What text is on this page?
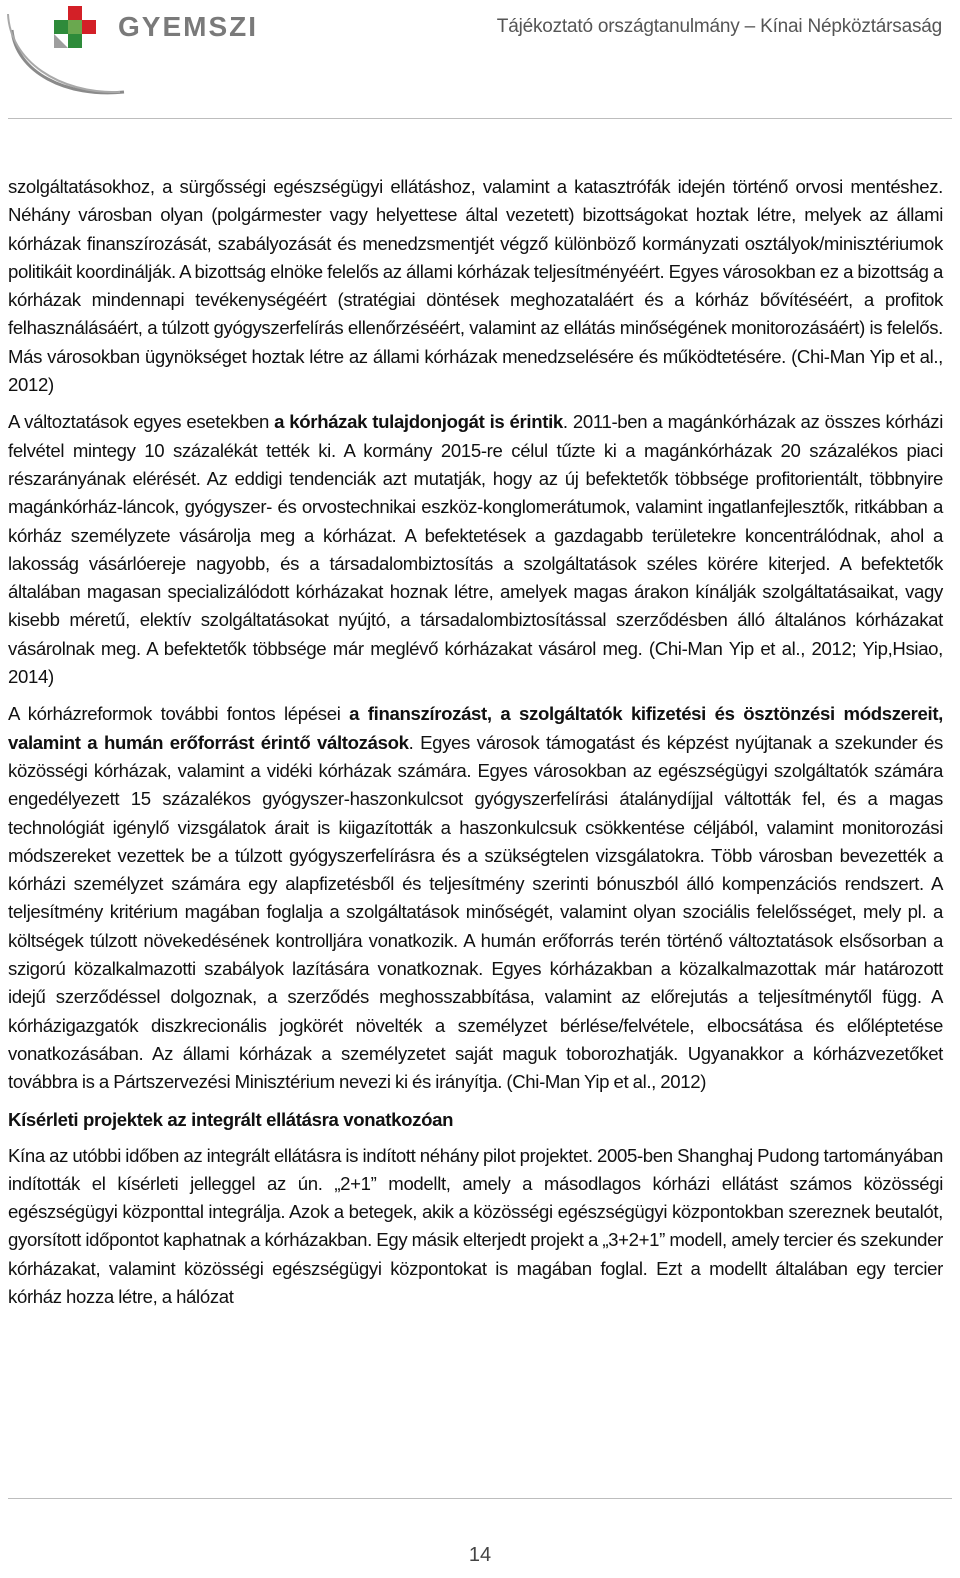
GYEMSZI	Tájékoztató országtanulmány – Kínai Népköztársaság

szolgáltatásokhoz, a sürgősségi egészségügyi ellátáshoz, valamint a katasztrófák idején történő orvosi mentéshez. Néhány városban olyan (polgármester vagy helyettese által vezetett) bizottságokat hoztak létre, melyek az állami kórházak finanszírozását, szabályozását és menedzsmentjét végző különböző kormányzati osztályok/minisztériumok politikáit koordinálják. A bizottság elnöke felelős az állami kórházak teljesítményéért. Egyes városokban ez a bizottság a kórházak mindennapi tevékenységéért (stratégiai döntések meghozataláért és a kórház bővítéséért, a profitok felhasználásáért, a túlzott gyógyszerfelírás ellenőrzéséért, valamint az ellátás minőségének monitorozásáért) is felelős. Más városokban ügynökséget hoztak létre az állami kórházak menedzselésére és működtetésére. (Chi-Man Yip et al., 2012)

A változtatások egyes esetekben a kórházak tulajdonjogát is érintik. 2011-ben a magánkórházak az összes kórházi felvétel mintegy 10 százalékát tették ki. A kormány 2015-re célul tűzte ki a magánkórházak 20 százalékos piaci részarányának elérését. Az eddigi tendenciák azt mutatják, hogy az új befektetők többsége profitorientált, többnyire magánkórház-láncok, gyógyszer- és orvostechnikai eszköz-konglomerátumok, valamint ingatlanfejlesztők, ritkábban a kórház személyzete vásárolja meg a kórházat. A befektetések a gazdagabb területekre koncentrálódnak, ahol a lakosság vásárlóereje nagyobb, és a társadalombiztosítás a szolgáltatások széles körére kiterjed. A befektetők általában magasan specializálódott kórházakat hoznak létre, amelyek magas árakon kínálják szolgáltatásaikat, vagy kisebb méretű, elektív szolgáltatásokat nyújtó, a társadalombiztosítással szerződésben álló általános kórházakat vásárolnak meg. A befektetők többsége már meglévő kórházakat vásárol meg. (Chi-Man Yip et al., 2012; Yip,Hsiao, 2014)

A kórházreformok további fontos lépései a finanszírozást, a szolgáltatók kifizetési és ösztönzési módszereit, valamint a humán erőforrást érintő változások. Egyes városok támogatást és képzést nyújtanak a szekunder és közösségi kórházak, valamint a vidéki kórházak számára. Egyes városokban az egészségügyi szolgáltatók számára engedélyezett 15 százalékos gyógyszer-haszonkulcsot gyógyszerfelírási átalánydíjjal váltották fel, és a magas technológiát igénylő vizsgálatok árait is kiigazították a haszonkulcsuk csökkentése céljából, valamint monitorozási módszereket vezettek be a túlzott gyógyszerfelírásra és a szükségtelen vizsgálatokra. Több városban bevezették a kórházi személyzet számára egy alapfizetésből és teljesítmény szerinti bónuszból álló kompenzációs rendszert. A teljesítmény kritérium magában foglalja a szolgáltatások minőségét, valamint olyan szociális felelősséget, mely pl. a költségek túlzott növekedésének kontrolljára vonatkozik. A humán erőforrás terén történő változtatások elsősorban a szigorú közalkalmazotti szabályok lazítására vonatkoznak. Egyes kórházakban a közalkalmazottak már határozott idejű szerződéssel dolgoznak, a szerződés meghosszabbítása, valamint az előrejutás a teljesítménytől függ. A kórházigazgatók diszkrecionális jogkörét növelték a személyzet bérlése/felvétele, elbocsátása és előléptetése vonatkozásában. Az állami kórházak a személyzetet saját maguk toborozhatják. Ugyanakkor a kórházvezetőket továbbra is a Pártszervezési Minisztérium nevezi ki és irányítja. (Chi-Man Yip et al., 2012)

Kísérleti projektek az integrált ellátásra vonatkozóan

Kína az utóbbi időben az integrált ellátásra is indított néhány pilot projektet. 2005-ben Shanghaj Pudong tartományában indították el kísérleti jelleggel az ún. „2+1” modellt, amely a másodlagos kórházi ellátást számos közösségi egészségügyi központtal integrálja. Azok a betegek, akik a közösségi egészségügyi központokban szereznek beutalót, gyorsított időpontot kaphatnak a kórházakban. Egy másik elterjedt projekt a „3+2+1” modell, amely tercier és szekunder kórházakat, valamint közösségi egészségügyi központokat is magában foglal. Ezt a modellt általában egy tercier kórház hozza létre, a hálózat

14
